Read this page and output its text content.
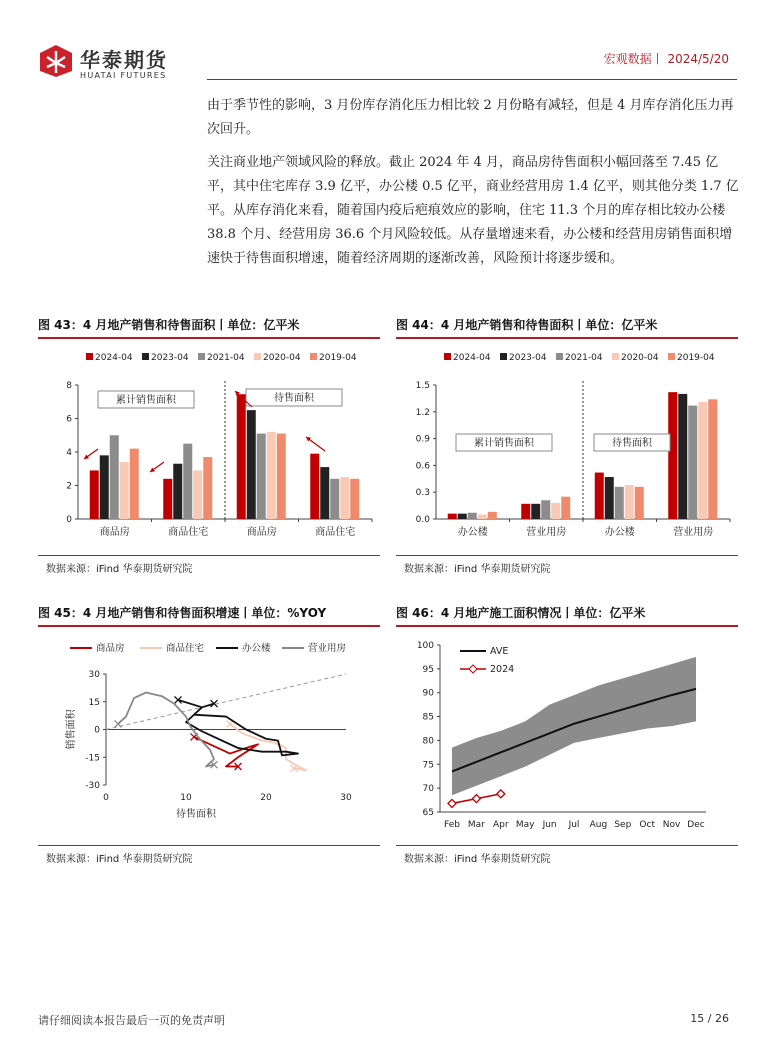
华泰期货
HUATAI FUTURES
宏观数据丨 2024/5/20

由于季节性的影响，3 月份库存消化压力相比较 2 月份略有减轻，但是 4 月库存消化压力再次回升。

关注商业地产领域风险的释放。截止 2024 年 4 月，商品房待售面积小幅回落至 7.45 亿平，其中住宅库存 3.9 亿平，办公楼 0.5 亿平，商业经营用房 1.4 亿平，则其他分类 1.7 亿平。从库存消化来看，随着国内疫后疤痕效应的影响，住宅 11.3 个月的库存相比较办公楼 38.8 个月、经营用房 36.6 个月风险较低。从存量增速来看，办公楼和经营用房销售面积增速快于待售面积增速，随着经济周期的逐渐改善，风险预计将逐步缓和。

图 43：4 月地产销售和待售面积丨单位：亿平米	图 44：4 月地产销售和待售面积丨单位：亿平米
数据来源：iFind 华泰期货研究院	数据来源：iFind 华泰期货研究院
图 45：4 月地产销售和待售面积增速丨单位：%YOY	图 46：4 月地产施工面积情况丨单位：亿平米
数据来源：iFind 华泰期货研究院	数据来源：iFind 华泰期货研究院
2024-04 2023-04 2021-04 2020-04 2019-04
0
2
4
6
8
商品房	商品住宅	商品房	商品住宅
累计销售面积	待售面积
2024-04 2023-04 2021-04 2020-04 2019-04
0.0
0.3
0.6
0.9
1.2
1.5
办公楼	营业用房	办公楼	营业用房
累计销售面积	待售面积
商品房	商品住宅	办公楼	营业用房
30
15
0
-15
-30
0	10	20	30
待售面积
销售面积
100
95
90
85
80
75
70
65
Feb Mar Apr May Jun Jul Aug Sep Oct Nov Dec
AVE
2024
请仔细阅读本报告最后一页的免责声明	15 / 26
